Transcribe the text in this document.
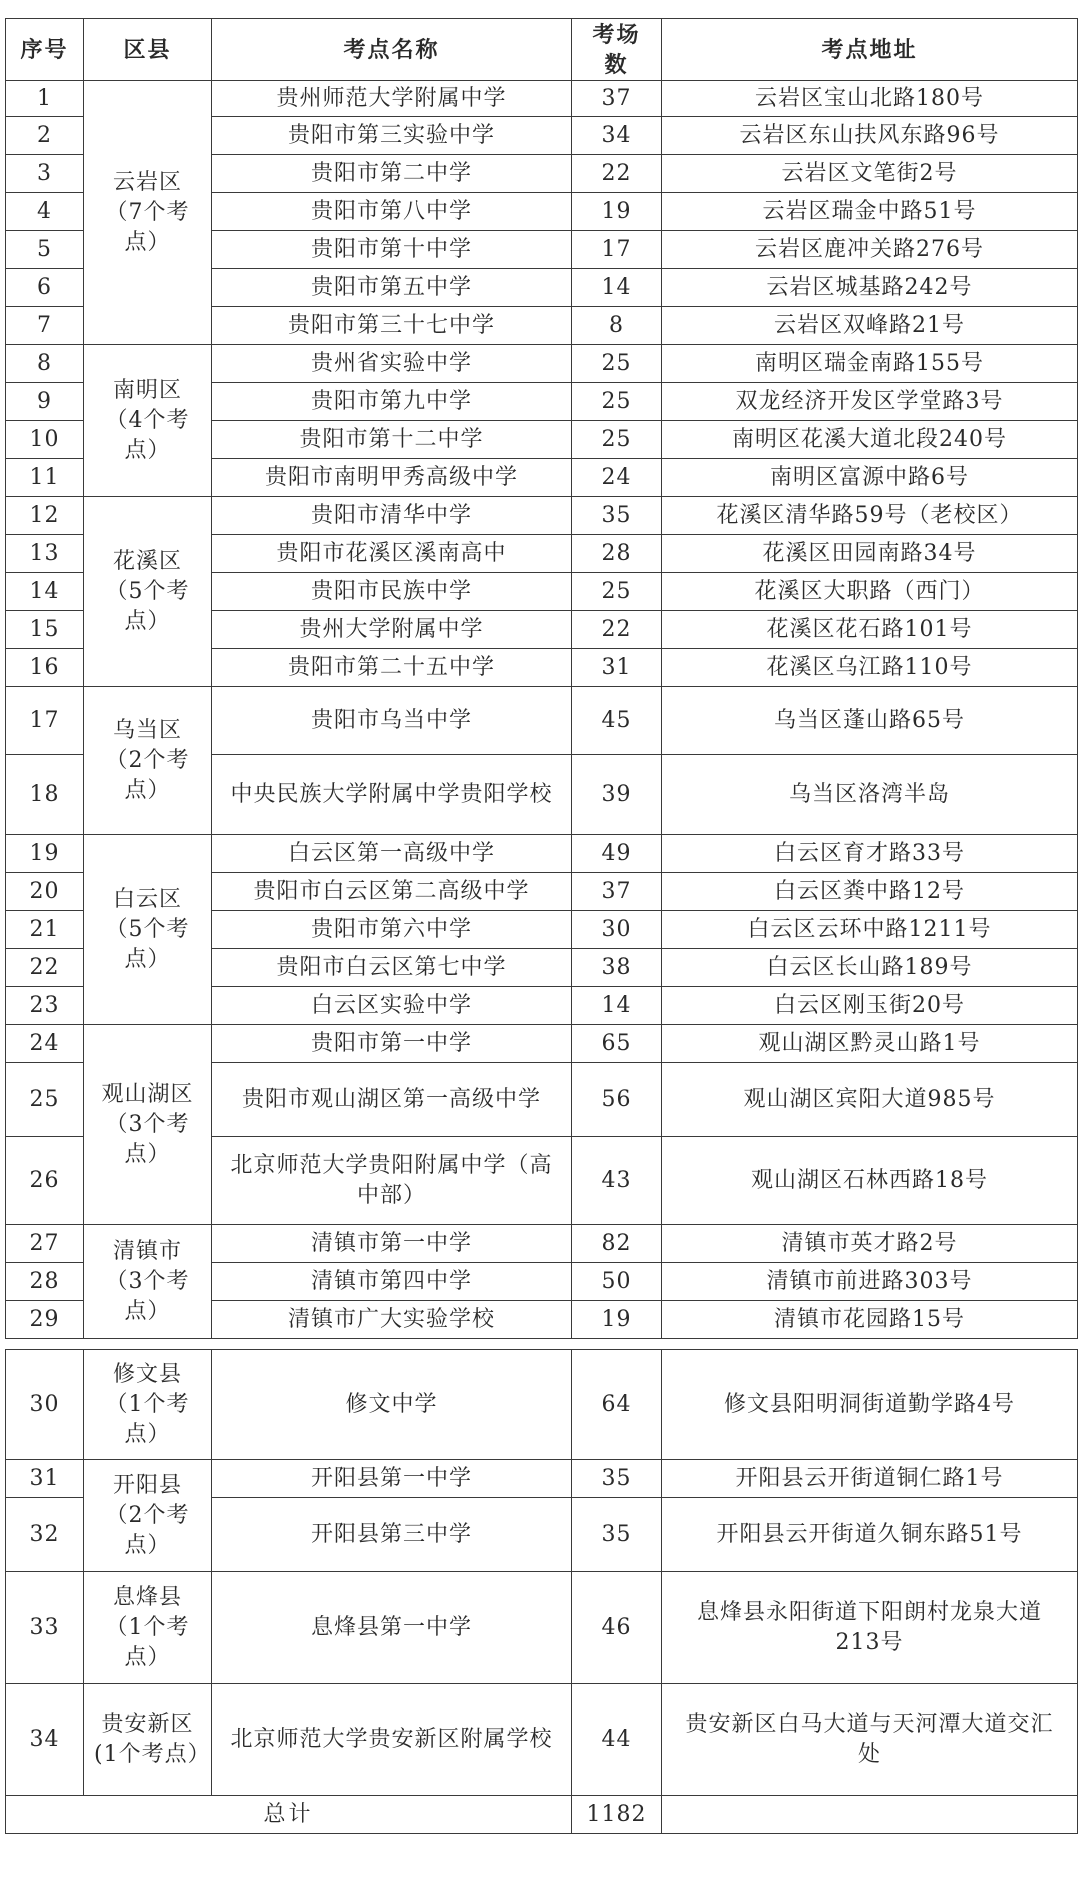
序号	区县	考点名称	考场数	考点地址
1	云岩区（7个考点）	贵州师范大学附属中学	37	云岩区宝山北路180号
2		贵阳市第三实验中学	34	云岩区东山扶风东路96号
3		贵阳市第二中学	22	云岩区文笔街2号
4		贵阳市第八中学	19	云岩区瑞金中路51号
5		贵阳市第十中学	17	云岩区鹿冲关路276号
6		贵阳市第五中学	14	云岩区城基路242号
7		贵阳市第三十七中学	8	云岩区双峰路21号
8	南明区（4个考点）	贵州省实验中学	25	南明区瑞金南路155号
9		贵阳市第九中学	25	双龙经济开发区学堂路3号
10		贵阳市第十二中学	25	南明区花溪大道北段240号
11		贵阳市南明甲秀高级中学	24	南明区富源中路6号
12	花溪区（5个考点）	贵阳市清华中学	35	花溪区清华路59号（老校区）
13		贵阳市花溪区溪南高中	28	花溪区田园南路34号
14		贵阳市民族中学	25	花溪区大职路（西门）
15		贵州大学附属中学	22	花溪区花石路101号
16		贵阳市第二十五中学	31	花溪区乌江路110号
17	乌当区（2个考点）	贵阳市乌当中学	45	乌当区蓬山路65号
18		中央民族大学附属中学贵阳学校	39	乌当区洛湾半岛
19	白云区（5个考点）	白云区第一高级中学	49	白云区育才路33号
20		贵阳市白云区第二高级中学	37	白云区粪中路12号
21		贵阳市第六中学	30	白云区云环中路1211号
22		贵阳市白云区第七中学	38	白云区长山路189号
23		白云区实验中学	14	白云区刚玉街20号
24	观山湖区（3个考点）	贵阳市第一中学	65	观山湖区黔灵山路1号
25		贵阳市观山湖区第一高级中学	56	观山湖区宾阳大道985号
26		北京师范大学贵阳附属中学（高中部）	43	观山湖区石林西路18号
27	清镇市（3个考点）	清镇市第一中学	82	清镇市英才路2号
28		清镇市第四中学	50	清镇市前进路303号
29		清镇市广大实验学校	19	清镇市花园路15号
30	修文县（1个考点）	修文中学	64	修文县阳明洞街道勤学路4号
31	开阳县（2个考点）	开阳县第一中学	35	开阳县云开街道铜仁路1号
32		开阳县第三中学	35	开阳县云开街道久铜东路51号
33	息烽县（1个考点）	息烽县第一中学	46	息烽县永阳街道下阳朗村龙泉大道213号
34	贵安新区(1个考点）	北京师范大学贵安新区附属学校	44	贵安新区白马大道与天河潭大道交汇处
总计			1182	
